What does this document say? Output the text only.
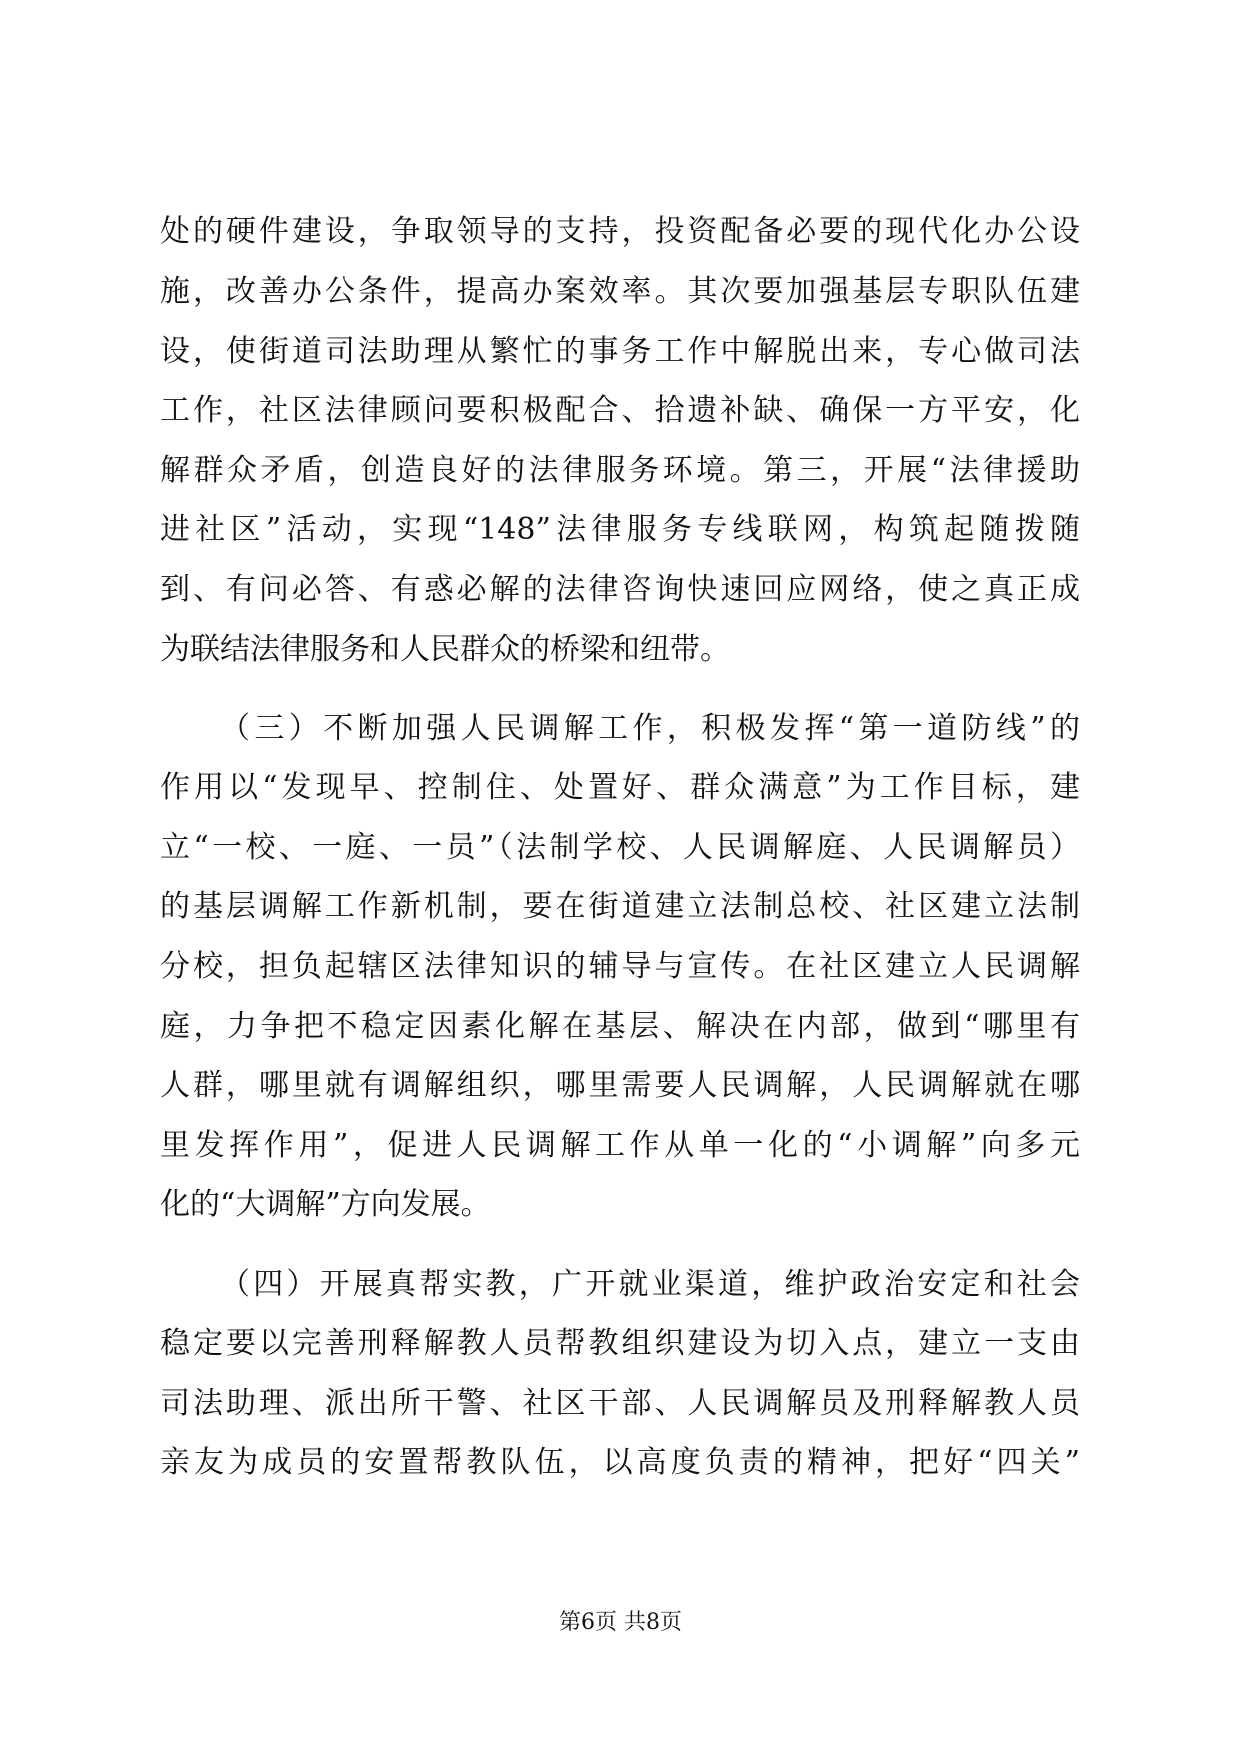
处的硬件建设，争取领导的支持，投资配备必要的现代化办公设
施，改善办公条件，提高办案效率。其次要加强基层专职队伍建
设，使街道司法助理从繁忙的事务工作中解脱出来，专心做司法
工作，社区法律顾问要积极配合、拾遗补缺、确保一方平安，化
解群众矛盾，创造良好的法律服务环境。第三，开展“法律援助
进社区”活动，实现“148”法律服务专线联网，构筑起随拨随
到、有问必答、有惑必解的法律咨询快速回应网络，使之真正成
为联结法律服务和人民群众的桥梁和纽带。
（三）不断加强人民调解工作，积极发挥“第一道防线”的
作用以“发现早、控制住、处置好、群众满意”为工作目标，建
立“一校、一庭、一员”（法制学校、人民调解庭、人民调解员）
的基层调解工作新机制，要在街道建立法制总校、社区建立法制
分校，担负起辖区法律知识的辅导与宣传。在社区建立人民调解
庭，力争把不稳定因素化解在基层、解决在内部，做到“哪里有
人群，哪里就有调解组织，哪里需要人民调解，人民调解就在哪
里发挥作用”，促进人民调解工作从单一化的“小调解”向多元
化的“大调解”方向发展。
（四）开展真帮实教，广开就业渠道，维护政治安定和社会
稳定要以完善刑释解教人员帮教组织建设为切入点，建立一支由
司法助理、派出所干警、社区干部、人民调解员及刑释解教人员
亲友为成员的安置帮教队伍，以高度负责的精神，把好“四关”
第6页 共8页
